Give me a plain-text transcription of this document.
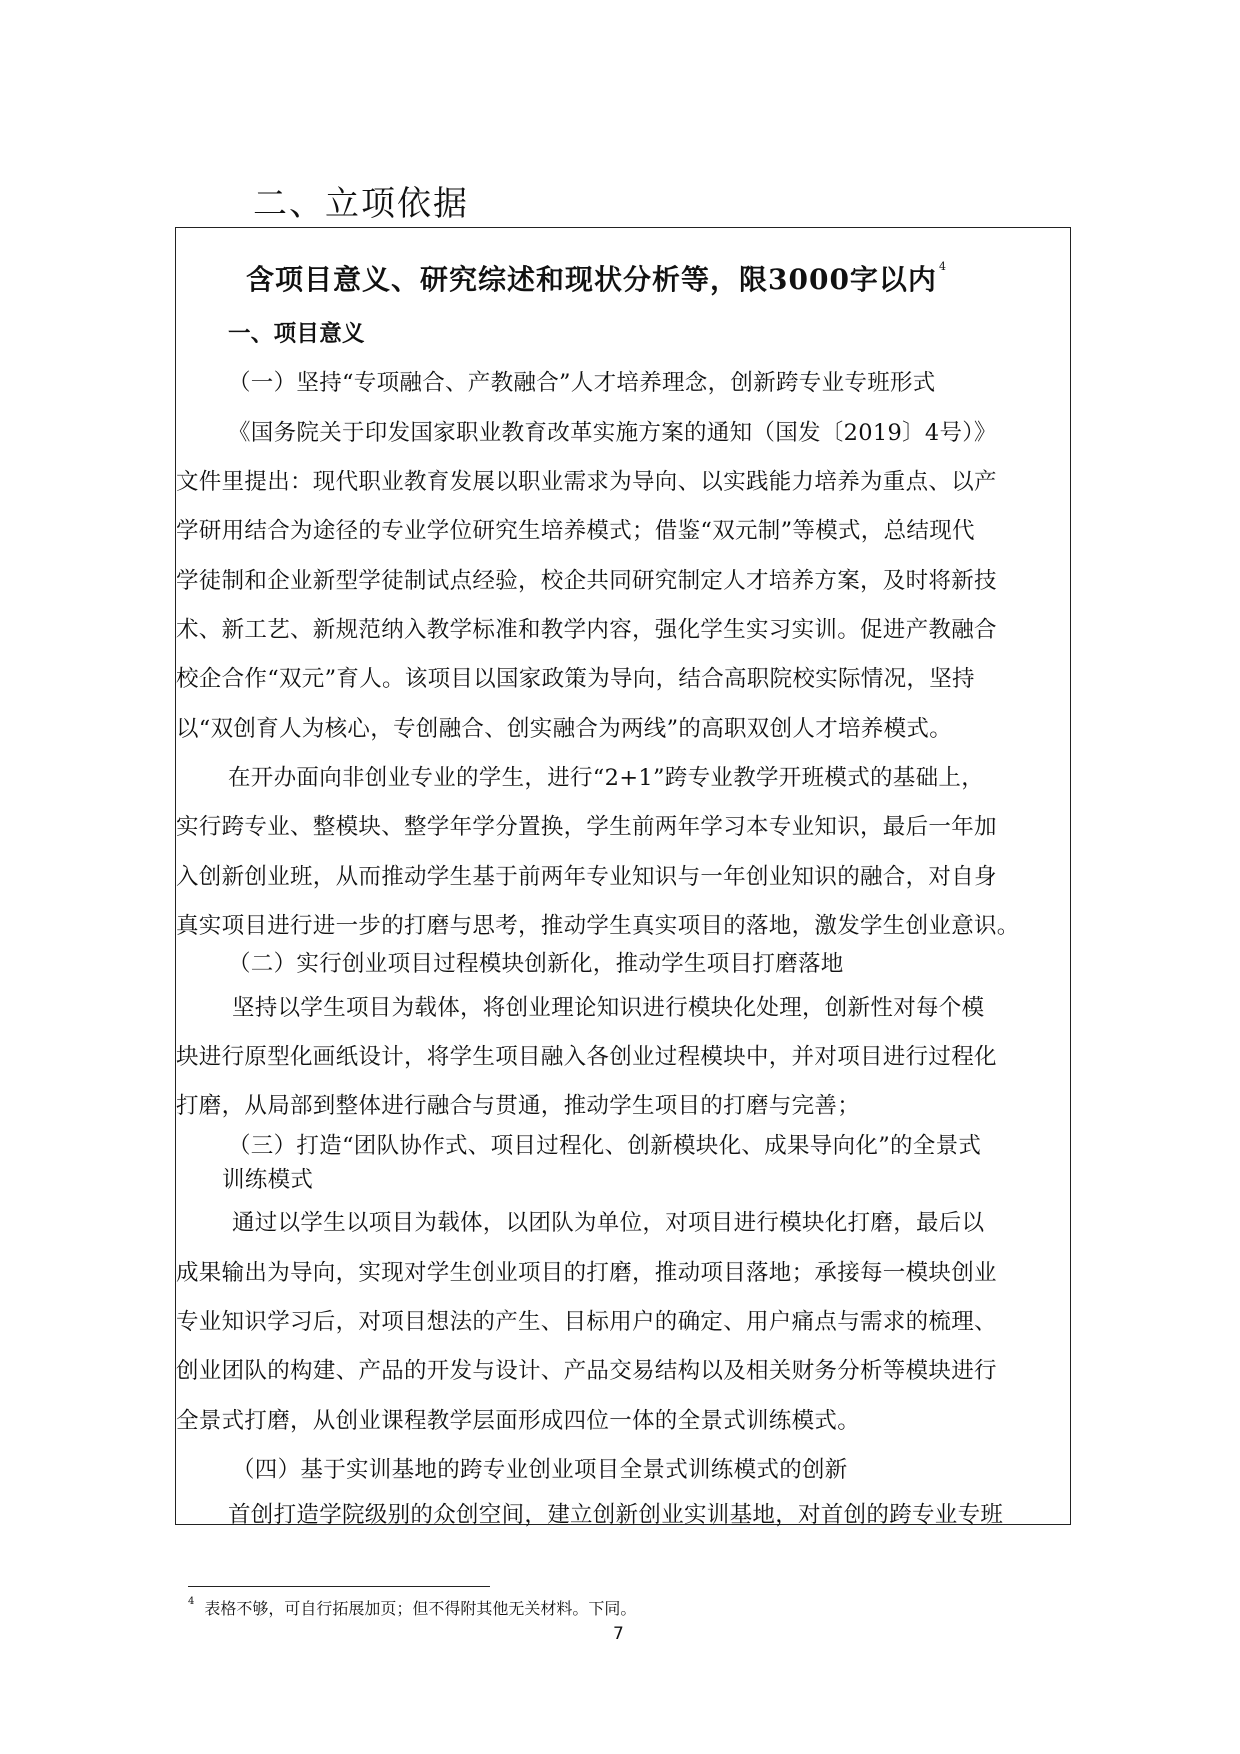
二、立项依据
含项目意义、研究综述和现状分析等，限3000字以内 $^4$
一、项目意义
（一）坚持“专项融合、产教融合”人才培养理念，创新跨专业专班形式
《国务院关于印发国家职业教育改革实施方案的通知（国发〔2019〕4号）》
文件里提出：现代职业教育发展以职业需求为导向、以实践能力培养为重点、以产
学研用结合为途径的专业学位研究生培养模式；借鉴“双元制”等模式，总结现代
学徒制和企业新型学徒制试点经验，校企共同研究制定人才培养方案，及时将新技
术、新工艺、新规范纳入教学标准和教学内容，强化学生实习实训。促进产教融合
校企合作“双元”育人。该项目以国家政策为导向，结合高职院校实际情况，坚持
以“双创育人为核心，专创融合、创实融合为两线”的高职双创人才培养模式。
在开办面向非创业专业的学生，进行“2+1”跨专业教学开班模式的基础上，
实行跨专业、整模块、整学年学分置换，学生前两年学习本专业知识，最后一年加
入创新创业班，从而推动学生基于前两年专业知识与一年创业知识的融合，对自身
真实项目进行进一步的打磨与思考，推动学生真实项目的落地，激发学生创业意识。
（二）实行创业项目过程模块创新化，推动学生项目打磨落地
坚持以学生项目为载体，将创业理论知识进行模块化处理，创新性对每个模
块进行原型化画纸设计，将学生项目融入各创业过程模块中，并对项目进行过程化
打磨，从局部到整体进行融合与贯通，推动学生项目的打磨与完善；
（三）打造“团队协作式、项目过程化、创新模块化、成果导向化”的全景式
训练模式
通过以学生以项目为载体，以团队为单位，对项目进行模块化打磨，最后以
成果输出为导向，实现对学生创业项目的打磨，推动项目落地；承接每一模块创业
专业知识学习后，对项目想法的产生、目标用户的确定、用户痛点与需求的梳理、
创业团队的构建、产品的开发与设计、产品交易结构以及相关财务分析等模块进行
全景式打磨，从创业课程教学层面形成四位一体的全景式训练模式。
（四）基于实训基地的跨专业创业项目全景式训练模式的创新
首创打造学院级别的众创空间，建立创新创业实训基地，对首创的跨专业专班
$^4$ 表格不够，可自行拓展加页；但不得附其他无关材料。下同。
7
